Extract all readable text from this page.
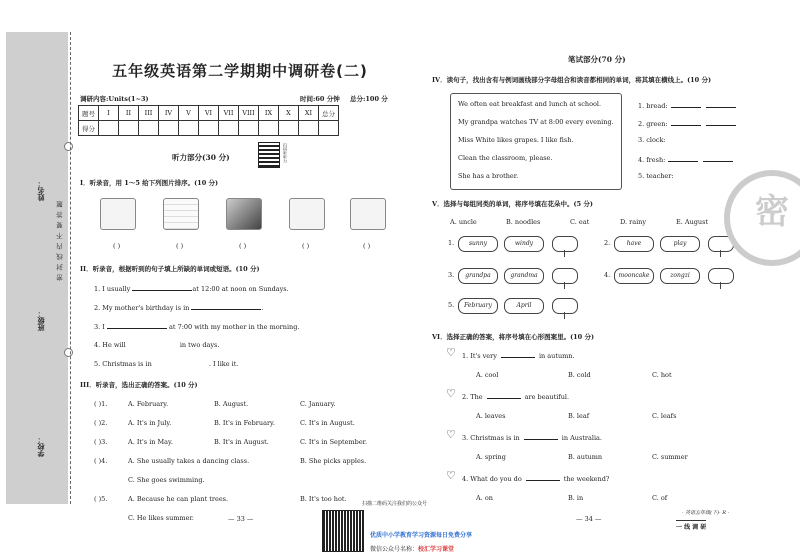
姓名：
班级：
学校：
密 封 线 内 不 要 答 题
五年级英语第二学期期中调研卷(二)
调研内容:Units(1~3)	时间:60 分钟 总分:100 分
题号	I	II	III	IV	V	VI	VII	VIII	IX	X	XI	总分
得分												
听力部分(30 分)	扫码听听力
I．听录音，用 1～5 给下列图片排序。(10 分)
( )	( )	( )	( )	( )
II．听录音，根据听到的句子填上所缺的单词或短语。(10 分)
1. I usually	at 12:00 at noon on Sundays.
2. My mother's birthday is in	.
3. I	at 7:00 with my mother in the morning.
4. He will	in two days.
5. Christmas is in	. I like it.
III．听录音，选出正确的答案。(10 分)
( )1.	A. February.	B. August.	C. January.
( )2.	A. It's in July.	B. It's in February.	C. It's in August.
( )3.	A. It's in May.	B. It's in August.	C. It's in September.
( )4.	A. She usually takes a dancing class.	B. She picks apples.
C. She goes swimming.
( )5.	A. Because he can plant trees.	B. It's too hot.
C. He likes summer.	— 33 —
笔试部分(70 分)
IV．读句子，找出含有与例词画线部分字母组合和读音都相同的单词，将其填在横线上。(10 分)
We often eat breakfast and lunch at school.
My grandpa watches TV at 8:00 every evening.
Miss White likes grapes. I like fish.
Clean the classroom, please.
She has a brother.
1. bread:
2. green:
3. clock:
4. fresh:
5. teacher:
V．选择与每组同类的单词，将序号填在花朵中。(5 分)
A. uncle	B. noodles	C. eat	D. rainy	E. August
1.	sunny	windy	2.	have	play
3.	grandpa	grandma	4.	mooncake	zongzi
5.	February	April
VI．选择正确的答案，将序号填在心形图案里。(10 分)
♡ 1. It's very	in autumn.
A. cool	B. cold	C. hot
♡ 2. The	are beautiful.
A. leaves	B. leaf	C. leafs
♡ 3. Christmas is in	in Australia.
A. spring	B. autumn	C. summer
♡ 4. What do you do	the weekend?
A. on	B. in	C. of
密
— 34 —
· 英语五年级(下)· R ·
一 线 调 研
扫描二维码关注我们的公众号
优质中小学教育学习资源每日免费分享
微信公众号名称：校汇学习课堂
